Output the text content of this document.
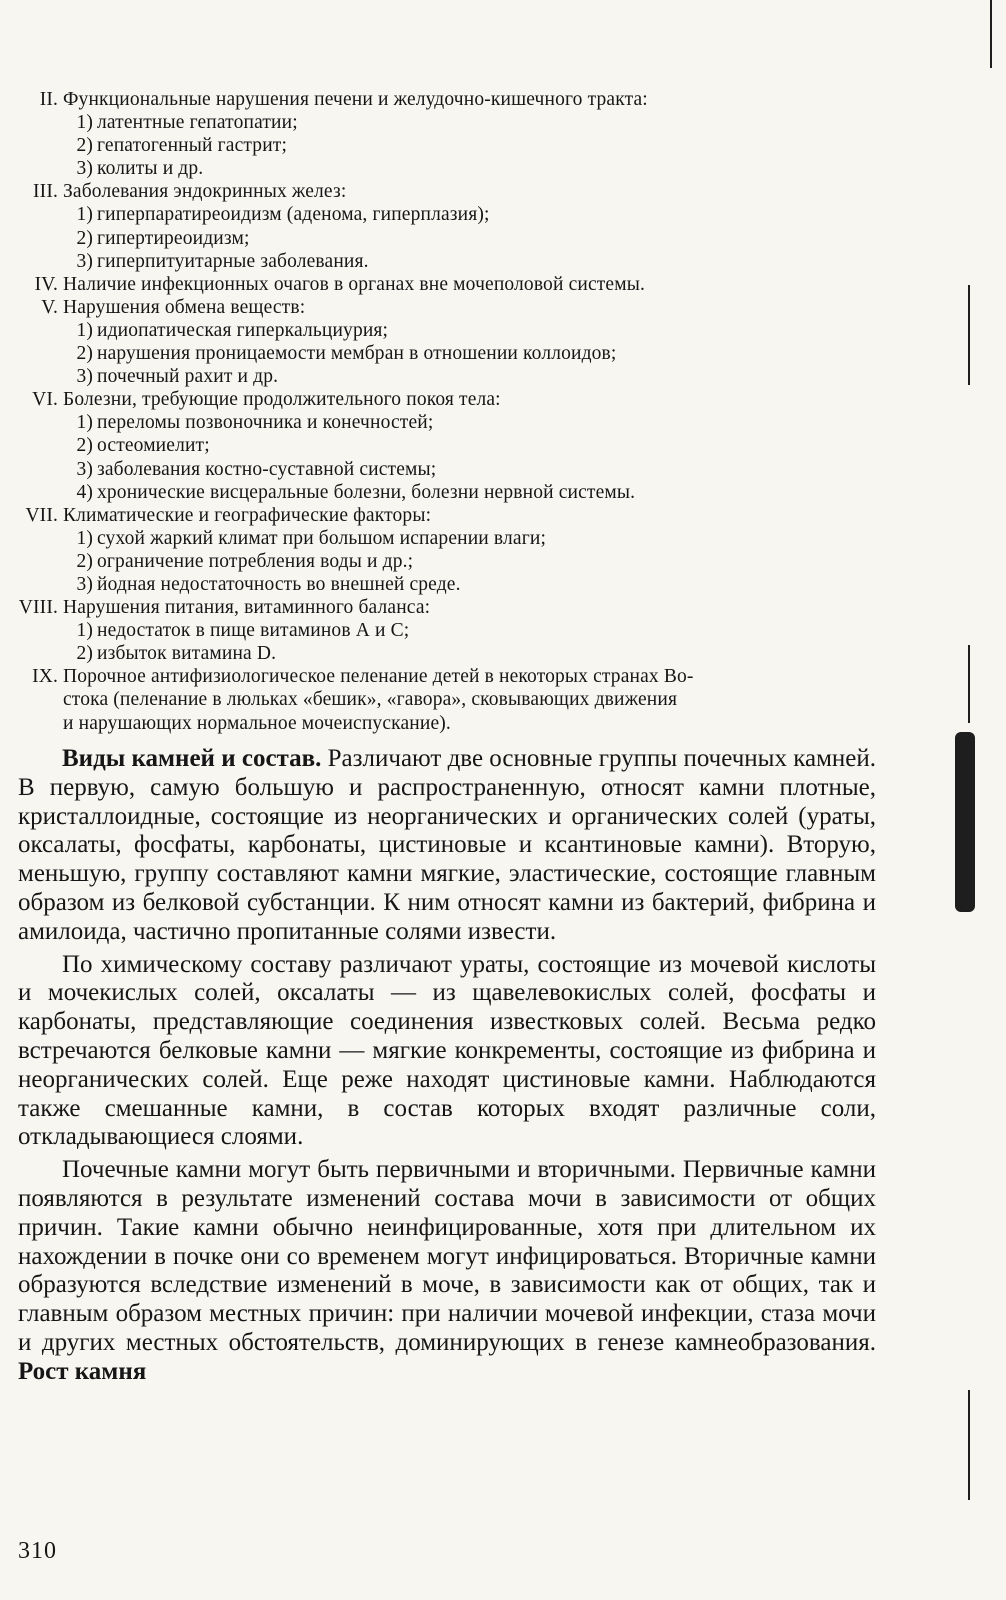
II. Функциональные нарушения печени и желудочно-кишечного тракта:
1) латентные гепатопатии;
2) гепатогенный гастрит;
3) колиты и др.
III. Заболевания эндокринных желез:
1) гиперпаратиреоидизм (аденома, гиперплазия);
2) гипертиреоидизм;
3) гиперпитуитарные заболевания.
IV. Наличие инфекционных очагов в органах вне мочеполовой системы.
V. Нарушения обмена веществ:
1) идиопатическая гиперкальциурия;
2) нарушения проницаемости мембран в отношении коллоидов;
3) почечный рахит и др.
VI. Болезни, требующие продолжительного покоя тела:
1) переломы позвоночника и конечностей;
2) остеомиелит;
3) заболевания костно-суставной системы;
4) хронические висцеральные болезни, болезни нервной системы.
VII. Климатические и географические факторы:
1) сухой жаркий климат при большом испарении влаги;
2) ограничение потребления воды и др.;
3) йодная недостаточность во внешней среде.
VIII. Нарушения питания, витаминного баланса:
1) недостаток в пище витаминов А и С;
2) избыток витамина D.
IX. Порочное антифизиологическое пеленание детей в некоторых странах Во-
стока (пеленание в люльках «бешик», «гавора», сковывающих движения
и нарушающих нормальное мочеиспускание).

Виды камней и состав. Различают две основные группы почечных камней. В первую, самую большую и распространенную, относят камни плотные, кристаллоидные, состоящие из неорганических и органических солей (ураты, оксалаты, фосфаты, карбонаты, цистиновые и ксантиновые камни). Вторую, меньшую, группу составляют камни мягкие, эластические, состоящие главным образом из белковой субстанции. К ним относят камни из бактерий, фибрина и амилоида, частично пропитанные солями извести.

По химическому составу различают ураты, состоящие из мочевой кислоты и мочекислых солей, оксалаты — из щавелевокислых солей, фосфаты и карбонаты, представляющие соединения известковых солей. Весьма редко встречаются белковые камни — мягкие конкременты, состоящие из фибрина и неорганических солей. Еще реже находят цистиновые камни. Наблюдаются также смешанные камни, в состав которых входят различные соли, откладывающиеся слоями.

Почечные камни могут быть первичными и вторичными. Первичные камни появляются в результате изменений состава мочи в зависимости от общих причин. Такие камни обычно неинфицированные, хотя при длительном их нахождении в почке они со временем могут инфицироваться. Вторичные камни образуются вследствие изменений в моче, в зависимости как от общих, так и главным образом местных причин: при наличии мочевой инфекции, стаза мочи и других местных обстоятельств, доминирующих в генезе камнеобразования. Рост камня

310
